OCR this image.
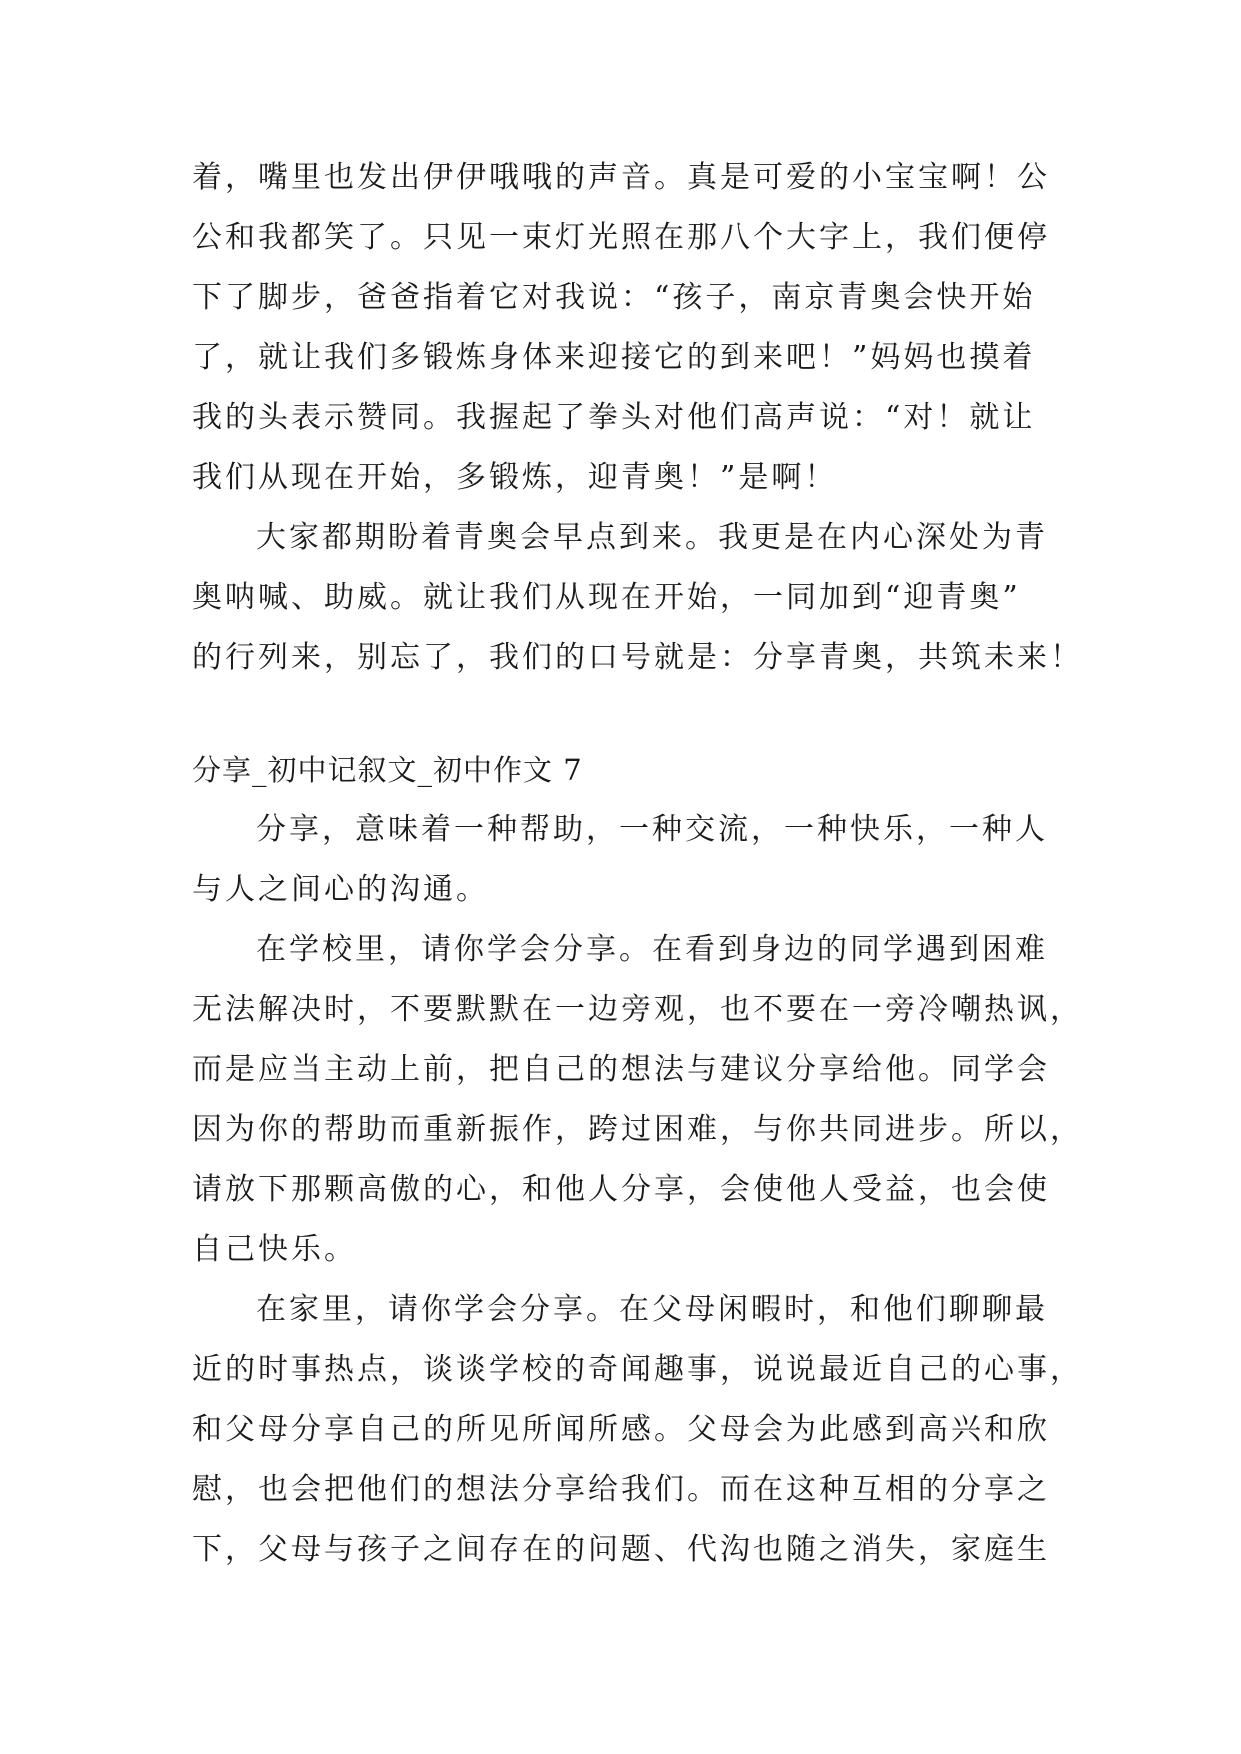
着，嘴里也发出伊伊哦哦的声音。真是可爱的小宝宝啊！公
公和我都笑了。只见一束灯光照在那八个大字上，我们便停
下了脚步，爸爸指着它对我说：“孩子，南京青奥会快开始
了，就让我们多锻炼身体来迎接它的到来吧！”妈妈也摸着
我的头表示赞同。我握起了拳头对他们高声说：“对！就让
我们从现在开始，多锻炼，迎青奥！”是啊！
大家都期盼着青奥会早点到来。我更是在内心深处为青
奥呐喊、助威。就让我们从现在开始，一同加到“迎青奥”
的行列来，别忘了，我们的口号就是：分享青奥，共筑未来！
分享_初中记叙文_初中作文 7
分享，意味着一种帮助，一种交流，一种快乐，一种人
与人之间心的沟通。
在学校里，请你学会分享。在看到身边的同学遇到困难
无法解决时，不要默默在一边旁观，也不要在一旁冷嘲热讽，
而是应当主动上前，把自己的想法与建议分享给他。同学会
因为你的帮助而重新振作，跨过困难，与你共同进步。所以，
请放下那颗高傲的心，和他人分享，会使他人受益，也会使
自己快乐。
在家里，请你学会分享。在父母闲暇时，和他们聊聊最
近的时事热点，谈谈学校的奇闻趣事，说说最近自己的心事，
和父母分享自己的所见所闻所感。父母会为此感到高兴和欣
慰，也会把他们的想法分享给我们。而在这种互相的分享之
下，父母与孩子之间存在的问题、代沟也随之消失，家庭生
